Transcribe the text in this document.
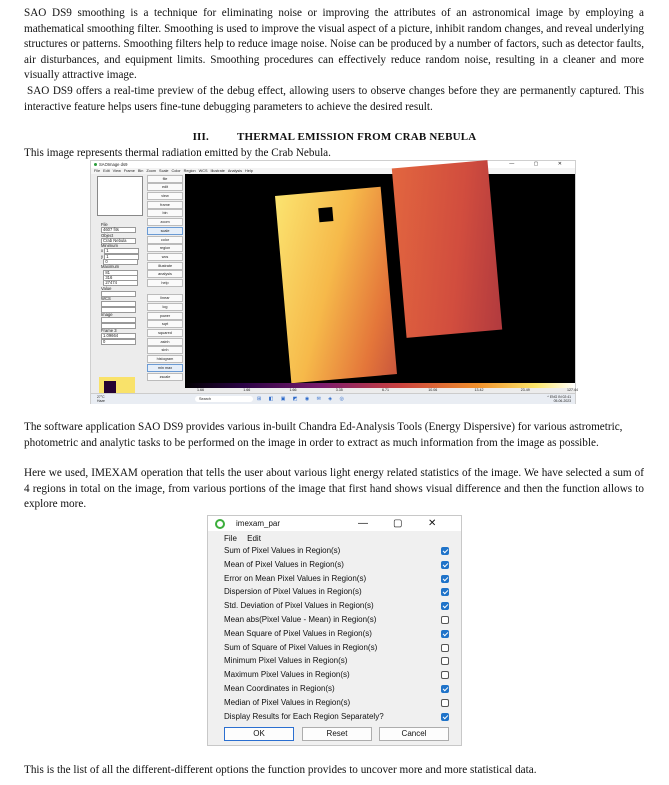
SAO DS9 smoothing is a technique for eliminating noise or improving the attributes of an astronomical image by employing a mathematical smoothing filter. Smoothing is used to improve the visual aspect of a picture, inhibit random changes, and reveal underlying structures or patterns. Smoothing filters help to reduce image noise. Noise can be produced by a number of factors, such as detector faults, air disturbances, and equipment limits. Smoothing procedures can effectively reduce random noise, resulting in a cleaner and more visually attractive image.

SAO DS9 offers a real-time preview of the debug effect, allowing users to observe changes before they are permanently captured. This interactive feature helps users fine-tune debugging parameters to achieve the desired result.

III.	THERMAL EMISSION FROM CRAB NEBULA

This image represents thermal radiation emitted by the Crab Nebula.

SAOImage ds9	— ▢ ✕
File Edit View Frame Bin Zoom Scale Color Region WCS Illustrate Analysis Help
File
4607 fits
Object
Crab Nebula
Minimum
x 1
y 1
0
Maximum
81
316
27474
Value
WCS
Image
Frame 3
1.09664
0
file
edit
view
frame
bin
zoom
scale
color
region
wcs
illustrate
analysis
help
linear
log
power
sqrt
squared
asinh
sinh
histogram
min max
zscale
1.66	1.66	1.66	3.35	6.71	10.06	13.42	23.49	127.44
27°C
Haze	Search	⊞ ◧ ▣ ◩ ◉ ✉ ◈ ◎	^ ENG IN 02:41
05-06-2023

The software application SAO DS9 provides various in-built Chandra Ed-Analysis Tools (Energy Dispersive) for various astrometric, photometric and analytic tasks to be performed on the image in order to extract as much information from the image as possible.

Here we used, IMEXAM operation that tells the user about various light energy related statistics of the image. We have selected a sum of 4 regions in total on the image, from various portions of the image that first hand shows visual difference and then the function allows to explore more.

imexam_par	—	▢	✕
File Edit
Sum of Pixel Values in Region(s)
Mean of Pixel Values in Region(s)
Error on Mean Pixel Values in Region(s)
Dispersion of Pixel Values in Region(s)
Std. Deviation of Pixel Values in Region(s)
Mean abs(Pixel Value - Mean) in Region(s)
Mean Square of Pixel Values in Region(s)
Sum of Square of Pixel Values in Region(s)
Minimum Pixel Values in Region(s)
Maximum Pixel Values in Region(s)
Mean Coordinates in Region(s)
Median of Pixel Values in Region(s)
Display Results for Each Region Separately?
OK	Reset	Cancel

This is the list of all the different-different options the function provides to uncover more and more statistical data.
